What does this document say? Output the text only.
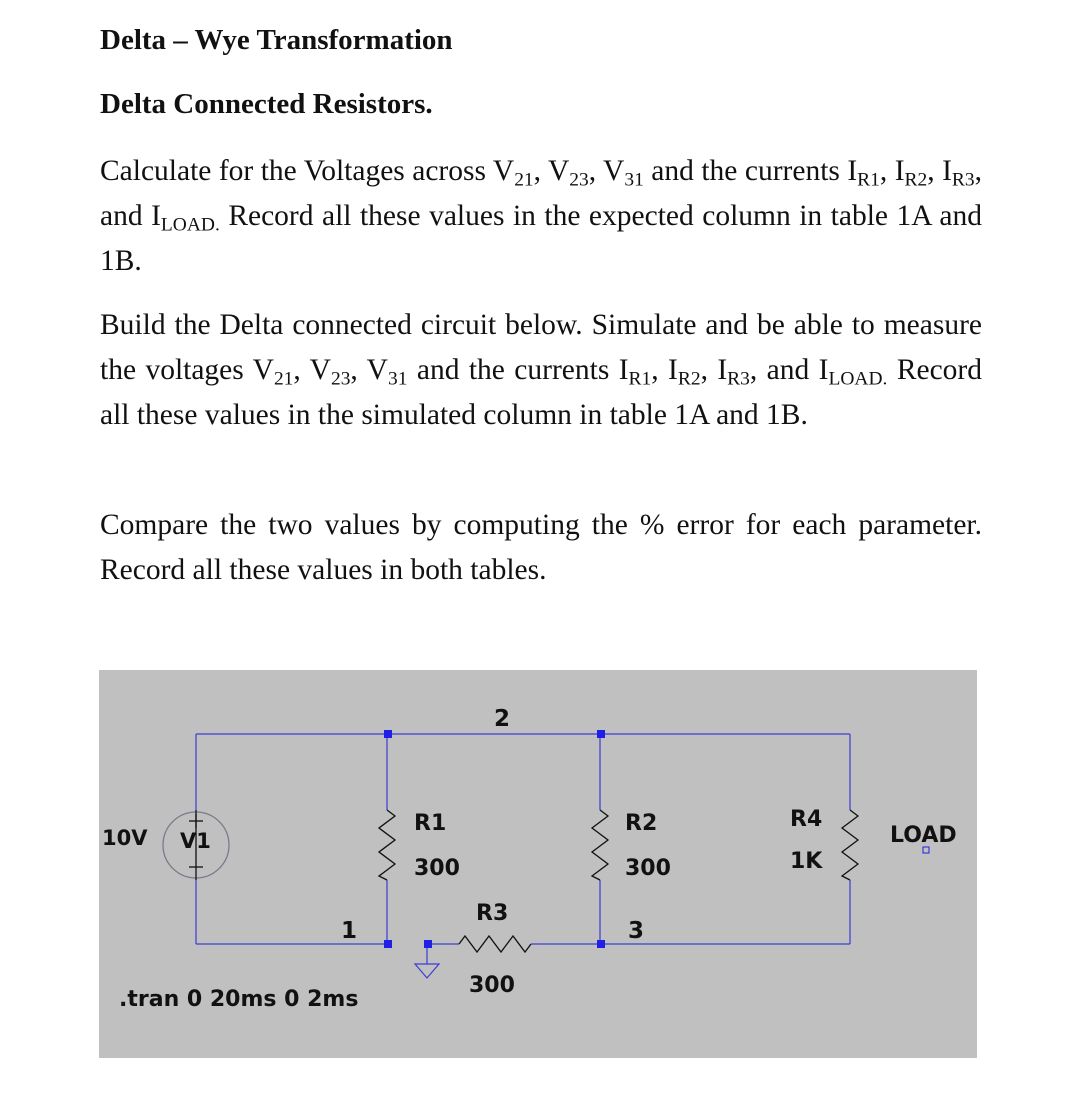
Delta – Wye Transformation
Delta Connected Resistors.
Calculate for the Voltages across $V_{21}$, $V_{23}$, $V_{31}$ and the currents $I_{R1}$, $I_{R2}$, $I_{R3}$, and $I_{LOAD.}$ Record all these values in the expected column in table 1A and 1B.
Build the Delta connected circuit below. Simulate and be able to measure the voltages $V_{21}$, $V_{23}$, $V_{31}$ and the currents $I_{R1}$, $I_{R2}$, $I_{R3}$, and $I_{LOAD.}$ Record all these values in the simulated column in table 1A and 1B.
Compare the two values by computing the % error for each parameter. Record all these values in both tables.
10V V1
2
1	3
R1
300
R2
300
R3
300
R4
1K
LOAD
.tran 0 20ms 0 2ms
